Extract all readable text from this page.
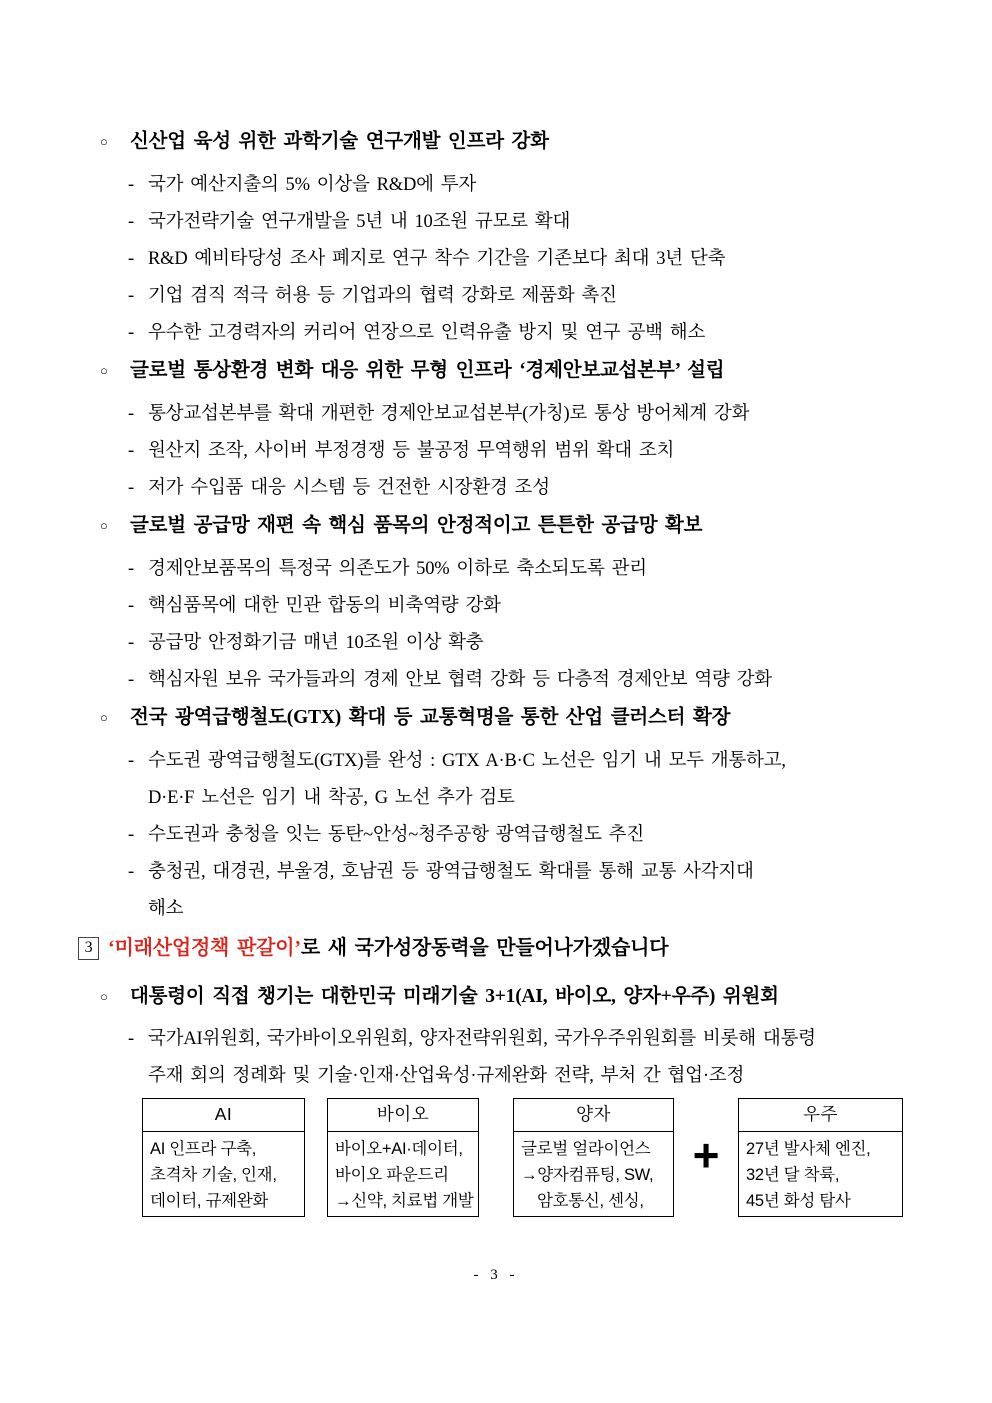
○	신산업 육성 위한 과학기술 연구개발 인프라 강화
- 국가 예산지출의 5% 이상을 R&D에 투자
- 국가전략기술 연구개발을 5년 내 10조원 규모로 확대
- R&D 예비타당성 조사 폐지로 연구 착수 기간을 기존보다 최대 3년 단축
- 기업 겸직 적극 허용 등 기업과의 협력 강화로 제품화 촉진
- 우수한 고경력자의 커리어 연장으로 인력유출 방지 및 연구 공백 해소
○	글로벌 통상환경 변화 대응 위한 무형 인프라 ‘경제안보교섭본부’ 설립
- 통상교섭본부를 확대 개편한 경제안보교섭본부(가칭)로 통상 방어체계 강화
- 원산지 조작, 사이버 부정경쟁 등 불공정 무역행위 범위 확대 조치
- 저가 수입품 대응 시스템 등 건전한 시장환경 조성
○	글로벌 공급망 재편 속 핵심 품목의 안정적이고 튼튼한 공급망 확보
- 경제안보품목의 특정국 의존도가 50% 이하로 축소되도록 관리
- 핵심품목에 대한 민관 합동의 비축역량 강화
- 공급망 안정화기금 매년 10조원 이상 확충
- 핵심자원 보유 국가들과의 경제 안보 협력 강화 등 다층적 경제안보 역량 강화
○	전국 광역급행철도(GTX) 확대 등 교통혁명을 통한 산업 클러스터 확장
- 수도권 광역급행철도(GTX)를 완성 : GTX A·B·C 노선은 임기 내 모두 개통하고,
D·E·F 노선은 임기 내 착공, G 노선 추가 검토
- 수도권과 충청을 잇는 동탄~안성~청주공항 광역급행철도 추진
- 충청권, 대경권, 부울경, 호남권 등 광역급행철도 확대를 통해 교통 사각지대
해소
3 ‘미래산업정책 판갈이’로 새 국가성장동력을 만들어나가겠습니다
○	대통령이 직접 챙기는 대한민국 미래기술 3+1(AI, 바이오, 양자+우주) 위원회
- 국가AI위원회, 국가바이오위원회, 양자전략위원회, 국가우주위원회를 비롯해 대통령
주재 회의 정례화 및 기술·인재·산업육성·규제완화 전략, 부처 간 협업·조정
AI
AI 인프라 구축,
초격차 기술, 인재,
데이터, 규제완화
바이오
바이오+AI·데이터,
바이오 파운드리
→신약, 치료법 개발
양자
글로벌 얼라이언스
→양자컴퓨팅, SW,
암호통신, 센싱,
+
우주
27년 발사체 엔진,
32년 달 착륙,
45년 화성 탐사
- 3 -
